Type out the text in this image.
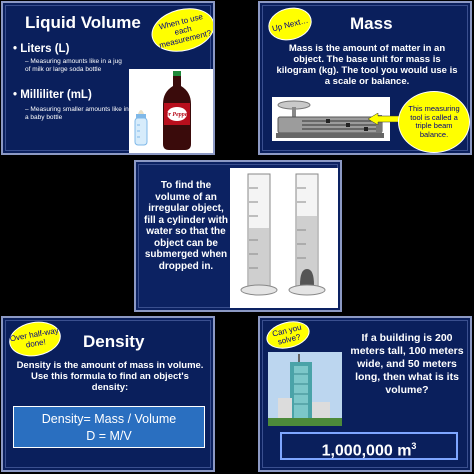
Liquid Volume	When to use each measurement?
• Liters (L)
– Measuring amounts like in a jug of milk or large soda bottle
• Milliliter (mL)
– Measuring smaller amounts like in a baby bottle	Dr Pepper
Up Next…	Mass
Mass is the amount of matter in an object. The base unit for mass is kilogram (kg). The tool you would use is a scale or balance.
This measuring tool is called a triple beam balance.
To find the volume of an irregular object, fill a cylinder with water so that the object can be submerged when dropped in.
Over half-way done!	Density
Density is the amount of mass in volume. Use this formula to find an object's density:
Density= Mass / Volume
D = M/V
Can you solve?	If a building is 200 meters tall, 100 meters wide, and 50 meters long, then what is its volume?
1,000,000 $m^3$
